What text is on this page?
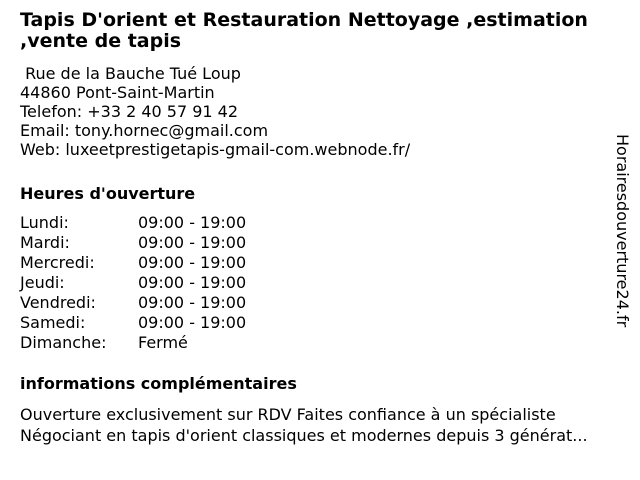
Tapis D'orient et Restauration Nettoyage ,estimation ,vente de tapis
Rue de la Bauche Tué Loup
44860 Pont-Saint-Martin
Telefon: +33 2 40 57 91 42
Email: tony.hornec@gmail.com
Web: luxeetprestigetapis-gmail-com.webnode.fr/
Heures d'ouverture
Lundi:	09:00 - 19:00
Mardi:	09:00 - 19:00
Mercredi:	09:00 - 19:00
Jeudi:	09:00 - 19:00
Vendredi:	09:00 - 19:00
Samedi:	09:00 - 19:00
Dimanche:	Fermé
informations complémentaires
Ouverture exclusivement sur RDV Faites confiance à un spécialiste Négociant en tapis d'orient classiques et modernes depuis 3 générat...
Horairesdouverture24.fr
